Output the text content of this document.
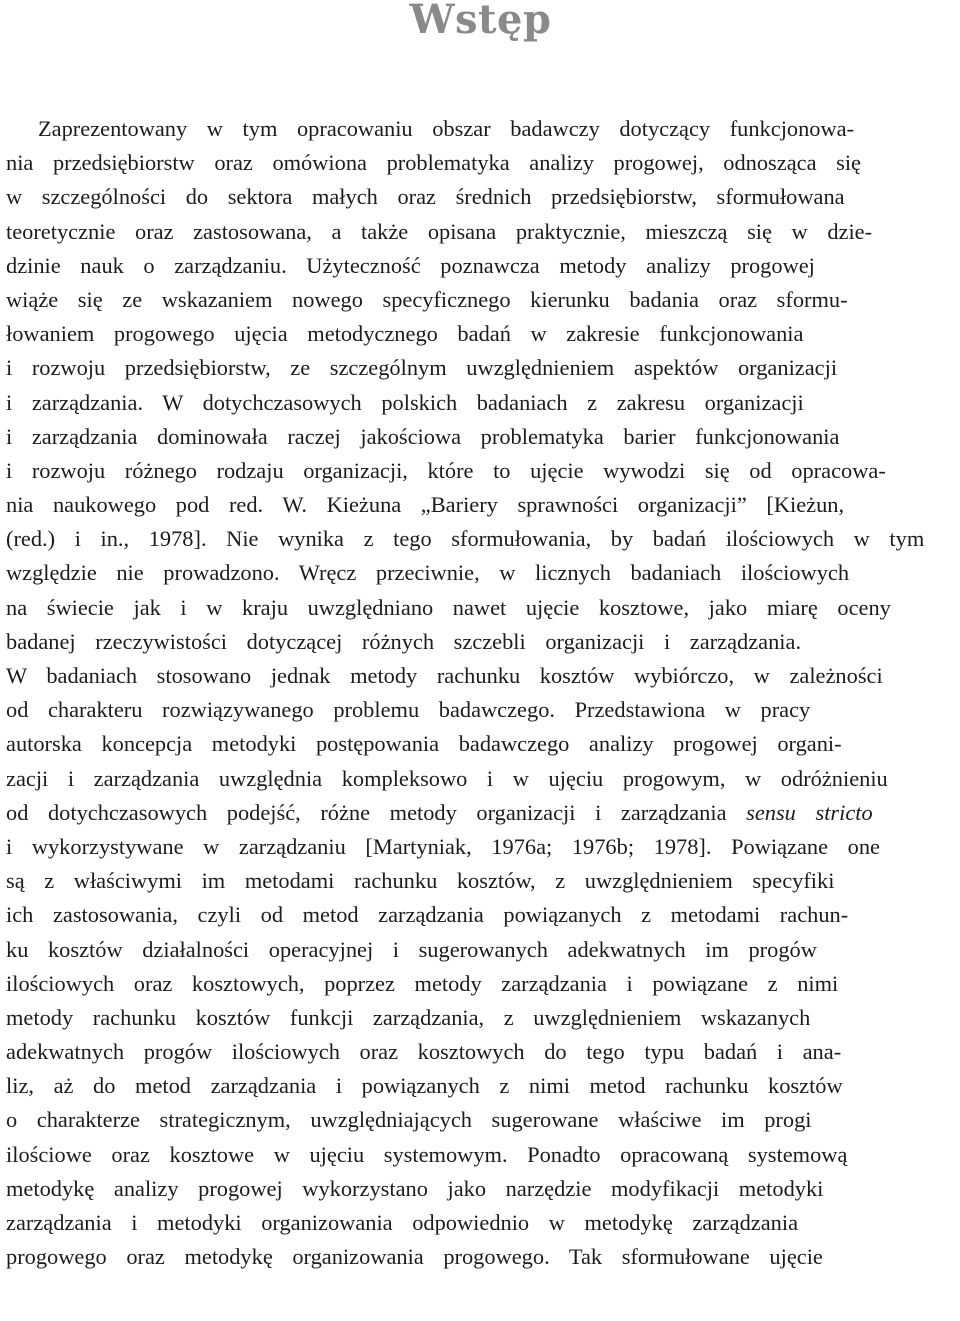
Wstęp
Zaprezentowany w tym opracowaniu obszar badawczy dotyczący funkcjonowa-
nia przedsiębiorstw oraz omówiona problematyka analizy progowej, odnosząca się
w szczególności do sektora małych oraz średnich przedsiębiorstw, sformułowana
teoretycznie oraz zastosowana, a także opisana praktycznie, mieszczą się w dzie-
dzinie nauk o zarządzaniu. Użyteczność poznawcza metody analizy progowej
wiąże się ze wskazaniem nowego specyficznego kierunku badania oraz sformu-
łowaniem progowego ujęcia metodycznego badań w zakresie funkcjonowania
i rozwoju przedsiębiorstw, ze szczególnym uwzględnieniem aspektów organizacji
i zarządzania. W dotychczasowych polskich badaniach z zakresu organizacji
i zarządzania dominowała raczej jakościowa problematyka barier funkcjonowania
i rozwoju różnego rodzaju organizacji, które to ujęcie wywodzi się od opracowa-
nia naukowego pod red. W. Kieżuna „Bariery sprawności organizacji” [Kieżun,
(red.) i in., 1978]. Nie wynika z tego sformułowania, by badań ilościowych w tym
względzie nie prowadzono. Wręcz przeciwnie, w licznych badaniach ilościowych
na świecie jak i w kraju uwzględniano nawet ujęcie kosztowe, jako miarę oceny
badanej rzeczywistości dotyczącej różnych szczebli organizacji i zarządzania.
W badaniach stosowano jednak metody rachunku kosztów wybiórczo, w zależności
od charakteru rozwiązywanego problemu badawczego. Przedstawiona w pracy
autorska koncepcja metodyki postępowania badawczego analizy progowej organi-
zacji i zarządzania uwzględnia kompleksowo i w ujęciu progowym, w odróżnieniu
od dotychczasowych podejść, różne metody organizacji i zarządzania sensu stricto
i wykorzystywane w zarządzaniu [Martyniak, 1976a; 1976b; 1978]. Powiązane one
są z właściwymi im metodami rachunku kosztów, z uwzględnieniem specyfiki
ich zastosowania, czyli od metod zarządzania powiązanych z metodami rachun-
ku kosztów działalności operacyjnej i sugerowanych adekwatnych im progów
ilościowych oraz kosztowych, poprzez metody zarządzania i powiązane z nimi
metody rachunku kosztów funkcji zarządzania, z uwzględnieniem wskazanych
adekwatnych progów ilościowych oraz kosztowych do tego typu badań i ana-
liz, aż do metod zarządzania i powiązanych z nimi metod rachunku kosztów
o charakterze strategicznym, uwzględniających sugerowane właściwe im progi
ilościowe oraz kosztowe w ujęciu systemowym. Ponadto opracowaną systemową
metodykę analizy progowej wykorzystano jako narzędzie modyfikacji metodyki
zarządzania i metodyki organizowania odpowiednio w metodykę zarządzania
progowego oraz metodykę organizowania progowego. Tak sformułowane ujęcie
